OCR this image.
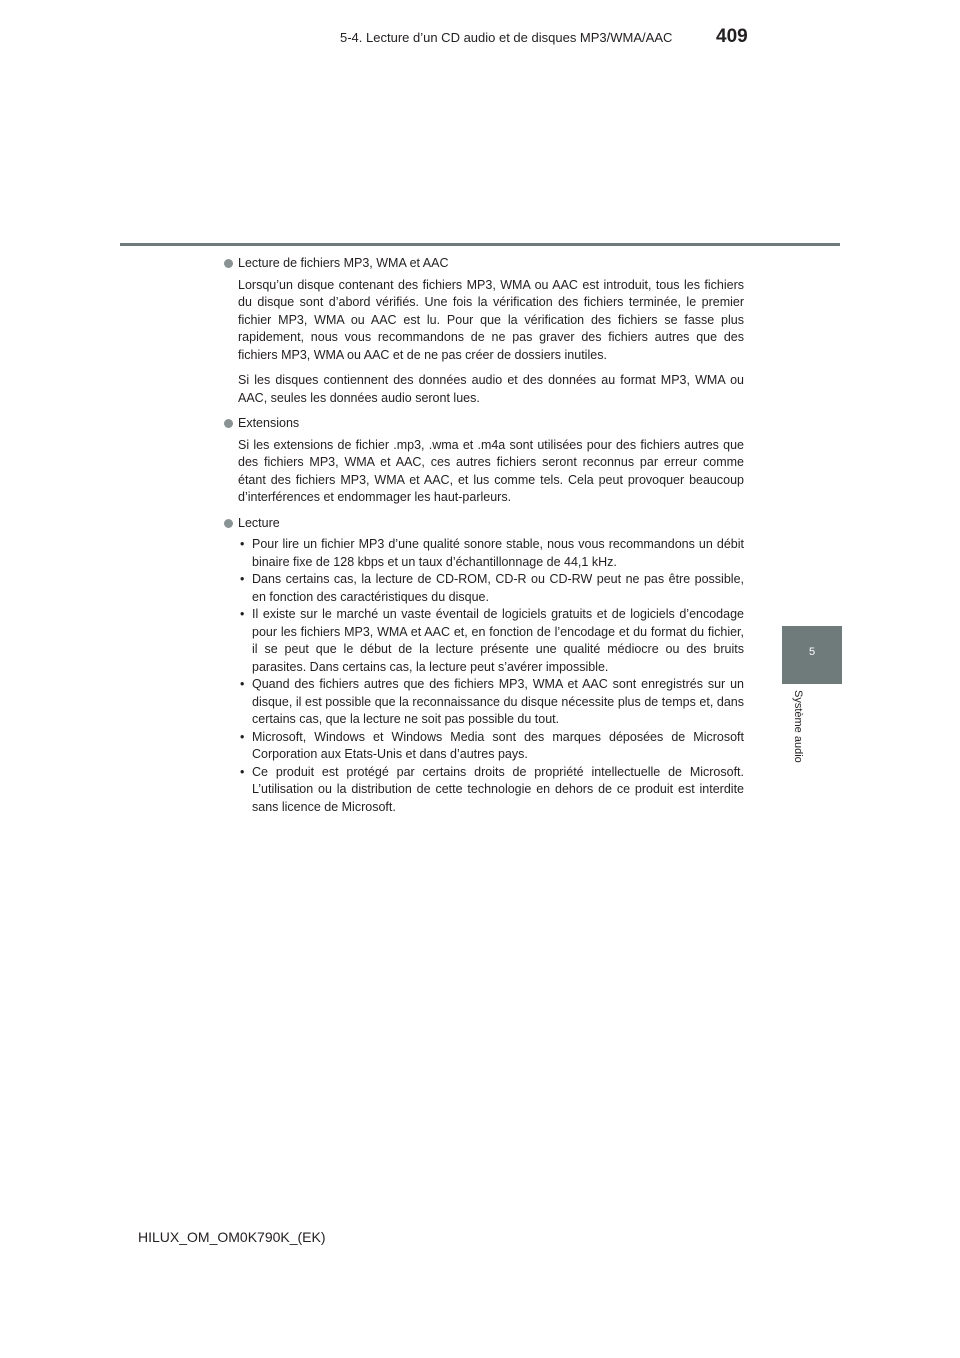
5-4. Lecture d’un CD audio et de disques MP3/WMA/AAC 409
5
Système audio
Lecture de fichiers MP3, WMA et AAC

Lorsqu’un disque contenant des fichiers MP3, WMA ou AAC est introduit, tous les fichiers du disque sont d’abord vérifiés. Une fois la vérification des fichiers terminée, le premier fichier MP3, WMA ou AAC est lu. Pour que la vérification des fichiers se fasse plus rapidement, nous vous recommandons de ne pas graver des fichiers autres que des fichiers MP3, WMA ou AAC et de ne pas créer de dossiers inutiles.

Si les disques contiennent des données audio et des données au format MP3, WMA ou AAC, seules les données audio seront lues.

Extensions

Si les extensions de fichier .mp3, .wma et .m4a sont utilisées pour des fichiers autres que des fichiers MP3, WMA et AAC, ces autres fichiers seront reconnus par erreur comme étant des fichiers MP3, WMA et AAC, et lus comme tels. Cela peut provoquer beaucoup d’interférences et endommager les haut-parleurs.

Lecture
• Pour lire un fichier MP3 d’une qualité sonore stable, nous vous recommandons un débit binaire fixe de 128 kbps et un taux d’échantillonnage de 44,1 kHz.
• Dans certains cas, la lecture de CD-ROM, CD-R ou CD-RW peut ne pas être possible, en fonction des caractéristiques du disque.
• Il existe sur le marché un vaste éventail de logiciels gratuits et de logiciels d’encodage pour les fichiers MP3, WMA et AAC et, en fonction de l’encodage et du format du fichier, il se peut que le début de la lecture présente une qualité médiocre ou des bruits parasites. Dans certains cas, la lecture peut s’avérer impossible.
• Quand des fichiers autres que des fichiers MP3, WMA et AAC sont enregistrés sur un disque, il est possible que la reconnaissance du disque nécessite plus de temps et, dans certains cas, que la lecture ne soit pas possible du tout.
• Microsoft, Windows et Windows Media sont des marques déposées de Microsoft Corporation aux Etats-Unis et dans d’autres pays.
• Ce produit est protégé par certains droits de propriété intellectuelle de Microsoft. L’utilisation ou la distribution de cette technologie en dehors de ce produit est interdite sans licence de Microsoft.
HILUX_OM_OM0K790K_(EK)
